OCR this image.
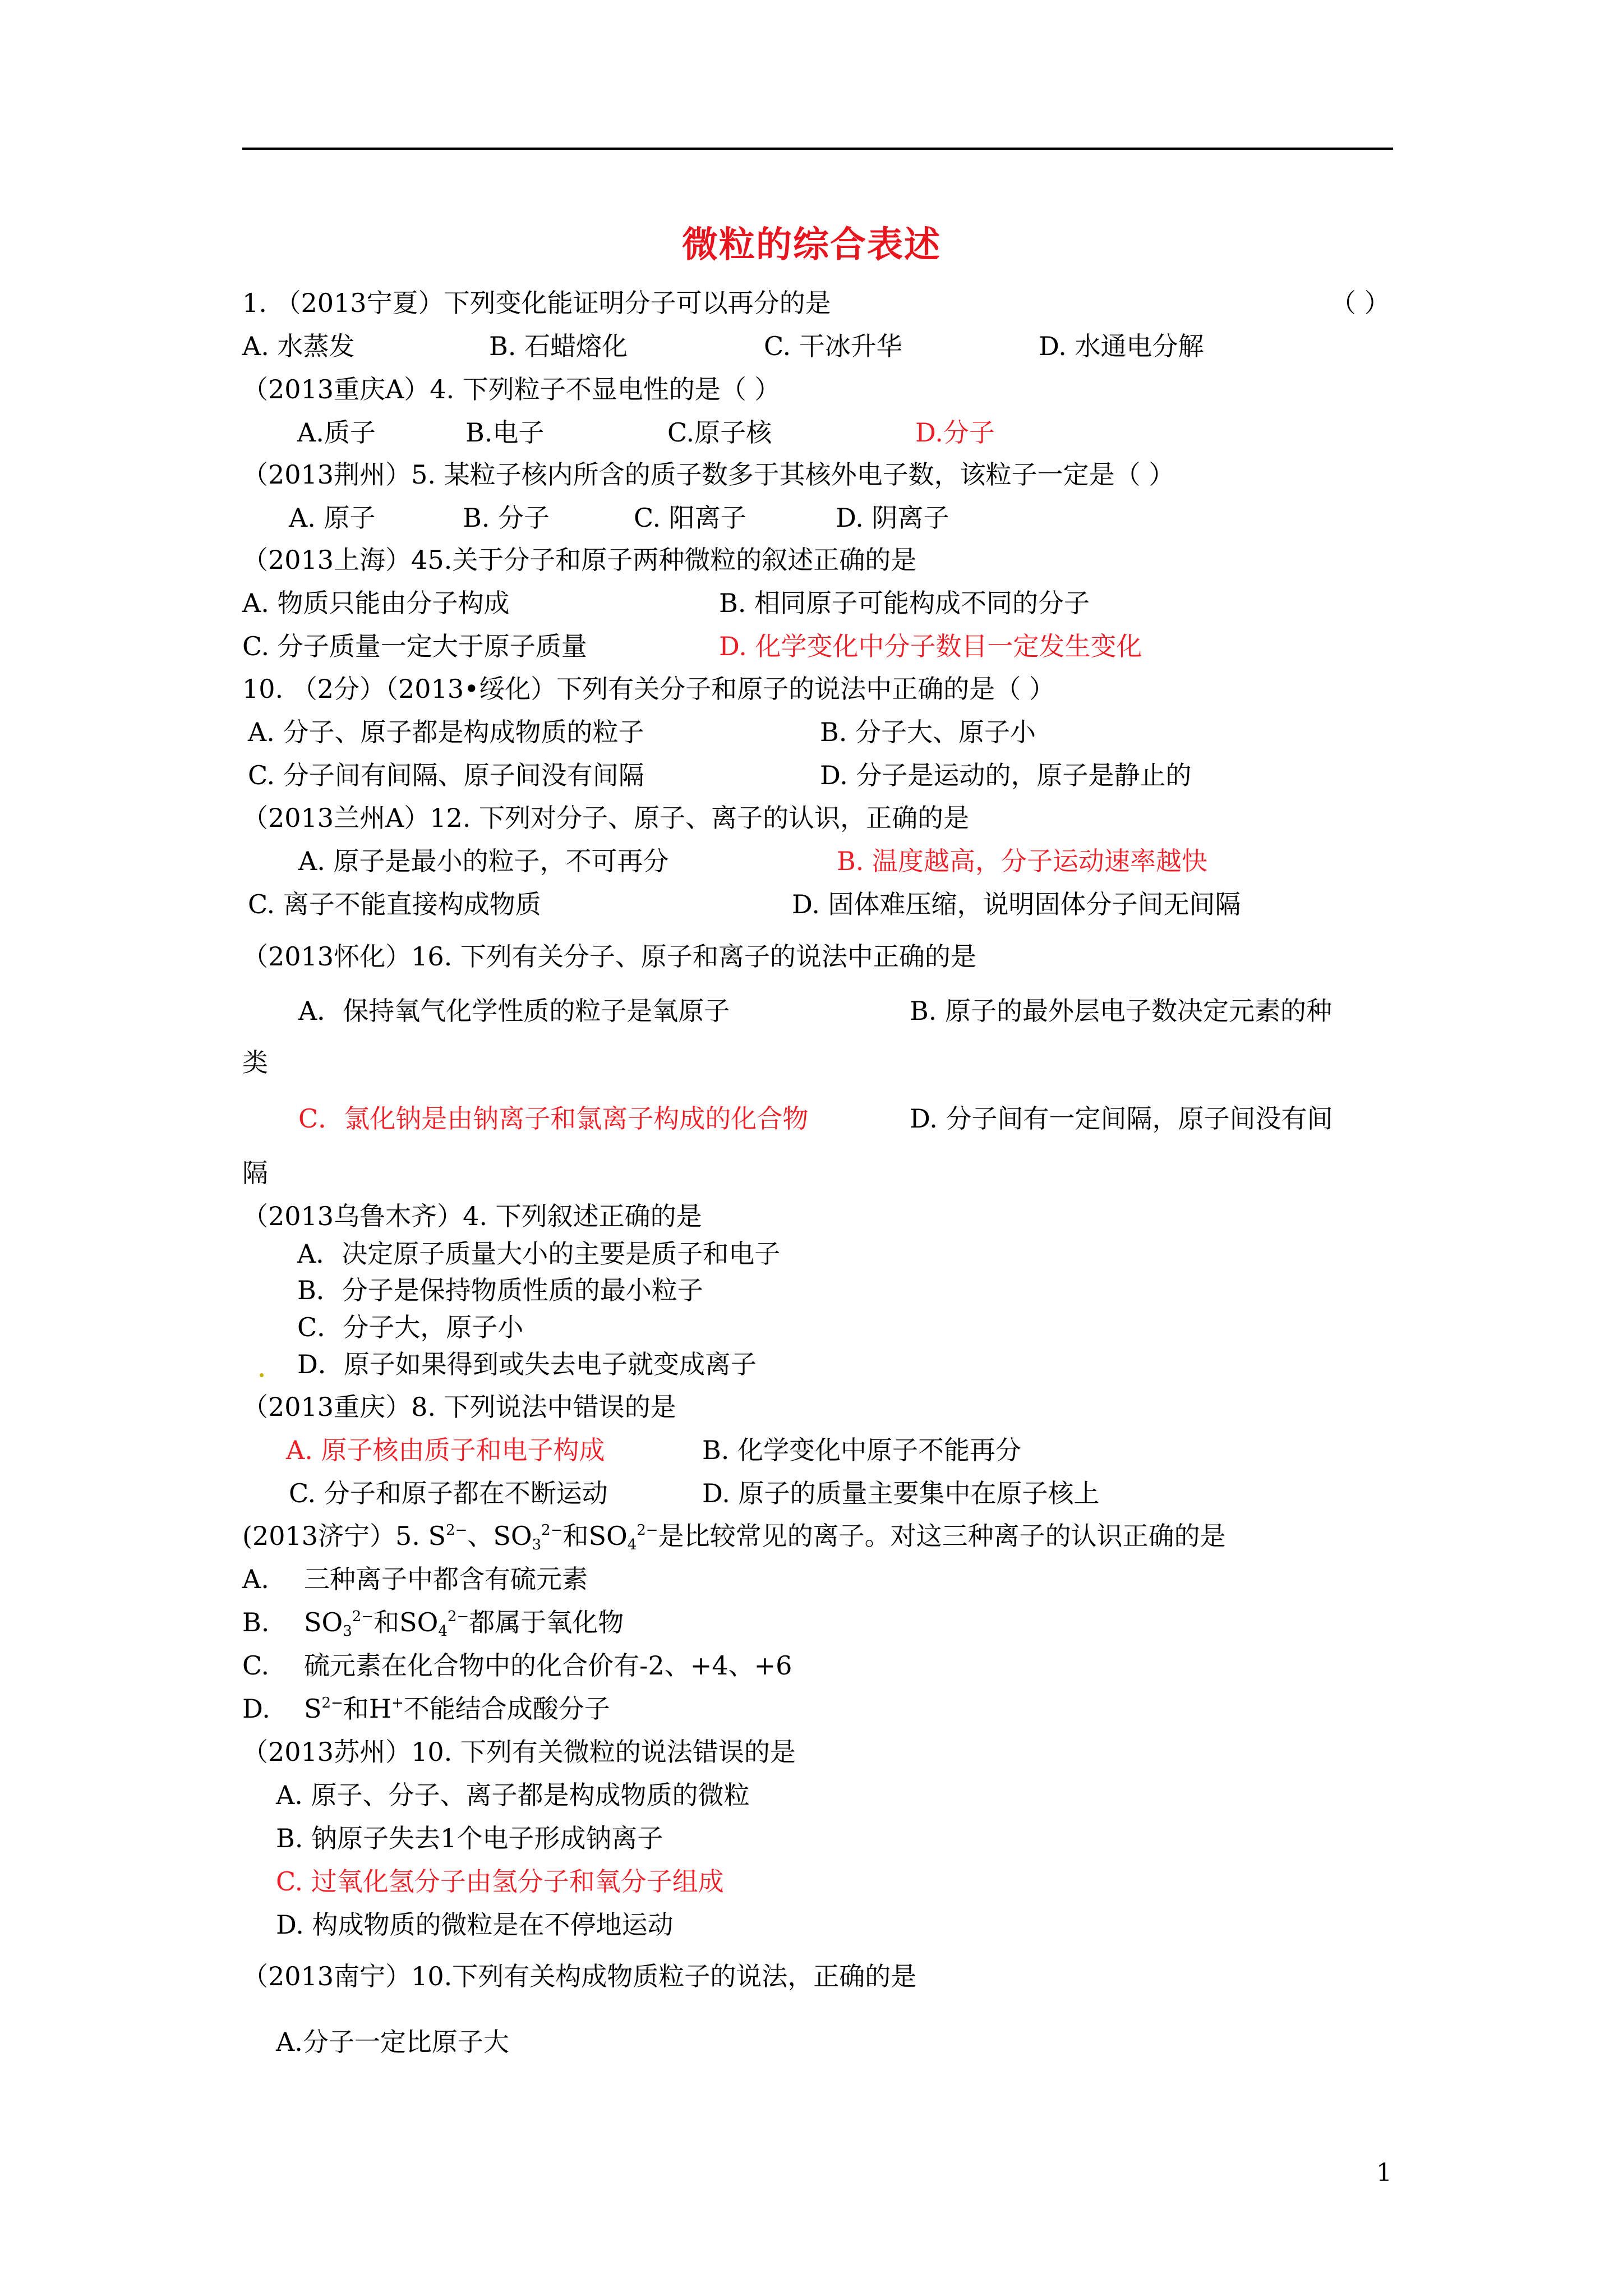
微粒的综合表述
1. （2013宁夏）下列变化能证明分子可以再分的是	（ ）
A. 水蒸发	B. 石蜡熔化	C. 干冰升华	D. 水通电分解
（2013重庆A）4. 下列粒子不显电性的是（ ）
A.质子	B.电子	C.原子核	D.分子
（2013荆州）5. 某粒子核内所含的质子数多于其核外电子数，该粒子一定是（ ）
A. 原子	B. 分子	C. 阳离子	D. 阴离子
（2013上海）45.关于分子和原子两种微粒的叙述正确的是
A. 物质只能由分子构成	B. 相同原子可能构成不同的分子
C. 分子质量一定大于原子质量	D. 化学变化中分子数目一定发生变化
10. （2分）（2013•绥化）下列有关分子和原子的说法中正确的是（ ）
A. 分子、原子都是构成物质的粒子	B. 分子大、原子小
C. 分子间有间隔、原子间没有间隔	D. 分子是运动的，原子是静止的
（2013兰州A）12. 下列对分子、原子、离子的认识，正确的是
A. 原子是最小的粒子，不可再分	B. 温度越高，分子运动速率越快
C. 离子不能直接构成物质	D. 固体难压缩，说明固体分子间无间隔
（2013怀化）16. 下列有关分子、原子和离子的说法中正确的是
A．保持氧气化学性质的粒子是氧原子	B. 原子的最外层电子数决定元素的种
类
C．氯化钠是由钠离子和氯离子构成的化合物	D. 分子间有一定间隔，原子间没有间
隔
（2013乌鲁木齐）4. 下列叙述正确的是
A．决定原子质量大小的主要是质子和电子
B．分子是保持物质性质的最小粒子
C．分子大，原子小
D．原子如果得到或失去电子就变成离子
（2013重庆）8. 下列说法中错误的是
A. 原子核由质子和电子构成	B. 化学变化中原子不能再分
C. 分子和原子都在不断运动	D. 原子的质量主要集中在原子核上
(2013济宁）5. $S^{2-}$、$SO_3^{2-}$和$SO_4^{2-}$是比较常见的离子。对这三种离子的认识正确的是
A. 三种离子中都含有硫元素
B. $SO_3^{2-}$和$SO_4^{2-}$都属于氧化物
C. 硫元素在化合物中的化合价有-2、+4、+6
D. $S^{2-}$和H+不能结合成酸分子
（2013苏州）10. 下列有关微粒的说法错误的是
A. 原子、分子、离子都是构成物质的微粒
B. 钠原子失去1个电子形成钠离子
C. 过氧化氢分子由氢分子和氧分子组成
D. 构成物质的微粒是在不停地运动
（2013南宁）10.下列有关构成物质粒子的说法，正确的是
A.分子一定比原子大
1
